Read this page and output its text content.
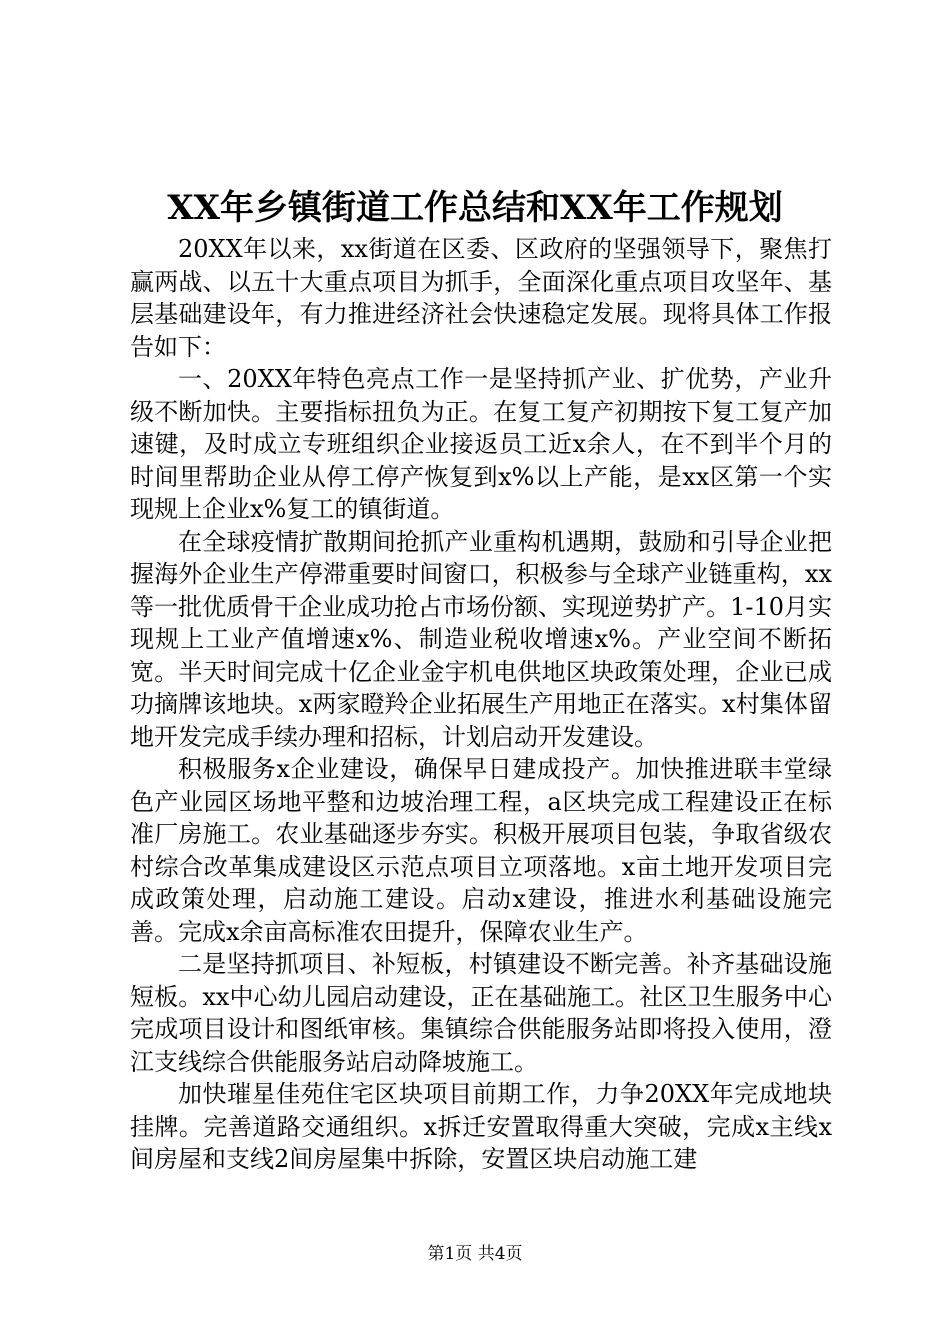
XX年乡镇街道工作总结和XX年工作规划

20XX年以来，xx街道在区委、区政府的坚强领导下，聚焦打赢两战、以五十大重点项目为抓手，全面深化重点项目攻坚年、基层基础建设年，有力推进经济社会快速稳定发展。现将具体工作报告如下：

一、20XX年特色亮点工作一是坚持抓产业、扩优势，产业升级不断加快。主要指标扭负为正。在复工复产初期按下复工复产加速键，及时成立专班组织企业接返员工近x余人，在不到半个月的时间里帮助企业从停工停产恢复到x%以上产能，是xx区第一个实现规上企业x%复工的镇街道。

在全球疫情扩散期间抢抓产业重构机遇期，鼓励和引导企业把握海外企业生产停滞重要时间窗口，积极参与全球产业链重构，xx等一批优质骨干企业成功抢占市场份额、实现逆势扩产。1-10月实现规上工业产值增速x%、制造业税收增速x%。产业空间不断拓宽。半天时间完成十亿企业金宇机电供地区块政策处理，企业已成功摘牌该地块。x两家瞪羚企业拓展生产用地正在落实。x村集体留地开发完成手续办理和招标，计划启动开发建设。

积极服务x企业建设，确保早日建成投产。加快推进联丰堂绿色产业园区场地平整和边坡治理工程，a区块完成工程建设正在标准厂房施工。农业基础逐步夯实。积极开展项目包装，争取省级农村综合改革集成建设区示范点项目立项落地。x亩土地开发项目完成政策处理，启动施工建设。启动x建设，推进水利基础设施完善。完成x余亩高标准农田提升，保障农业生产。

二是坚持抓项目、补短板，村镇建设不断完善。补齐基础设施短板。xx中心幼儿园启动建设，正在基础施工。社区卫生服务中心完成项目设计和图纸审核。集镇综合供能服务站即将投入使用，澄江支线综合供能服务站启动降坡施工。

加快璀星佳苑住宅区块项目前期工作，力争20XX年完成地块挂牌。完善道路交通组织。x拆迁安置取得重大突破，完成x主线x间房屋和支线2间房屋集中拆除，安置区块启动施工建

第1页 共4页
